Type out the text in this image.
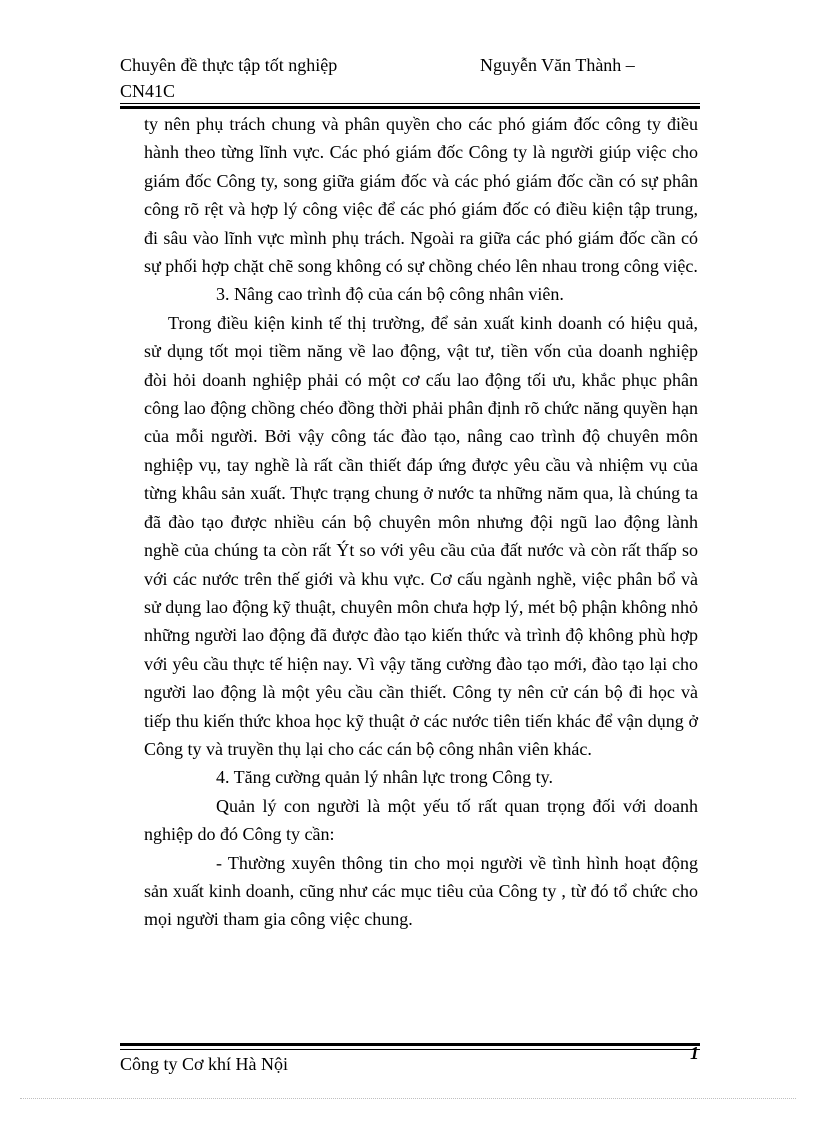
Chuyên đề thực tập tốt nghiệp	Nguyễn Văn Thành –
CN41C

ty nên phụ trách chung và phân quyền cho các phó giám đốc công ty điều hành theo từng lĩnh vực. Các phó giám đốc Công ty là người giúp việc cho giám đốc Công ty, song giữa giám đốc và các phó giám đốc cần có sự phân công rõ rệt và hợp lý công việc để các phó giám đốc có điều kiện tập trung, đi sâu vào lĩnh vực mình phụ trách. Ngoài ra giữa các phó giám đốc cần có sự phối hợp chặt chẽ song không có sự chồng chéo lên nhau trong công việc.

3. Nâng cao trình độ của cán bộ công nhân viên.

Trong điều kiện kinh tế thị trường, để sản xuất kinh doanh có hiệu quả, sử dụng tốt mọi tiềm năng về lao động, vật tư, tiền vốn của doanh nghiệp đòi hỏi doanh nghiệp phải có một cơ cấu lao động tối ưu, khắc phục phân công lao động chồng chéo đồng thời phải phân định rõ chức năng quyền hạn của mỗi người. Bởi vậy công tác đào tạo, nâng cao trình độ chuyên môn nghiệp vụ, tay nghề là rất cần thiết đáp ứng được yêu cầu và nhiệm vụ của từng khâu sản xuất. Thực trạng chung ở nước ta những năm qua, là chúng ta đã đào tạo được nhiều cán bộ chuyên môn nhưng đội ngũ lao động lành nghề của chúng ta còn rất Ýt so với yêu cầu của đất nước và còn rất thấp so với các nước trên thế giới và khu vực. Cơ cấu ngành nghề, việc phân bổ và sử dụng lao động kỹ thuật, chuyên môn chưa hợp lý, mét bộ phận không nhỏ những người lao động đã được đào tạo kiến thức và trình độ không phù hợp với yêu cầu thực tế hiện nay. Vì vậy tăng cường đào tạo mới, đào tạo lại cho người lao động là một yêu cầu cần thiết. Công ty nên cử cán bộ đi học và tiếp thu kiến thức khoa học kỹ thuật ở các nước tiên tiến khác để vận dụng ở Công ty và truyền thụ lại cho các cán bộ công nhân viên khác.

4. Tăng cường quản lý nhân lực trong Công ty.

Quản lý con người là một yếu tố rất quan trọng đối với doanh nghiệp do đó Công ty cần:

- Thường xuyên thông tin cho mọi người về tình hình hoạt động sản xuất kinh doanh, cũng như các mục tiêu của Công ty , từ đó tổ chức cho mọi người tham gia công việc chung.

Công ty Cơ khí Hà Nội
1
